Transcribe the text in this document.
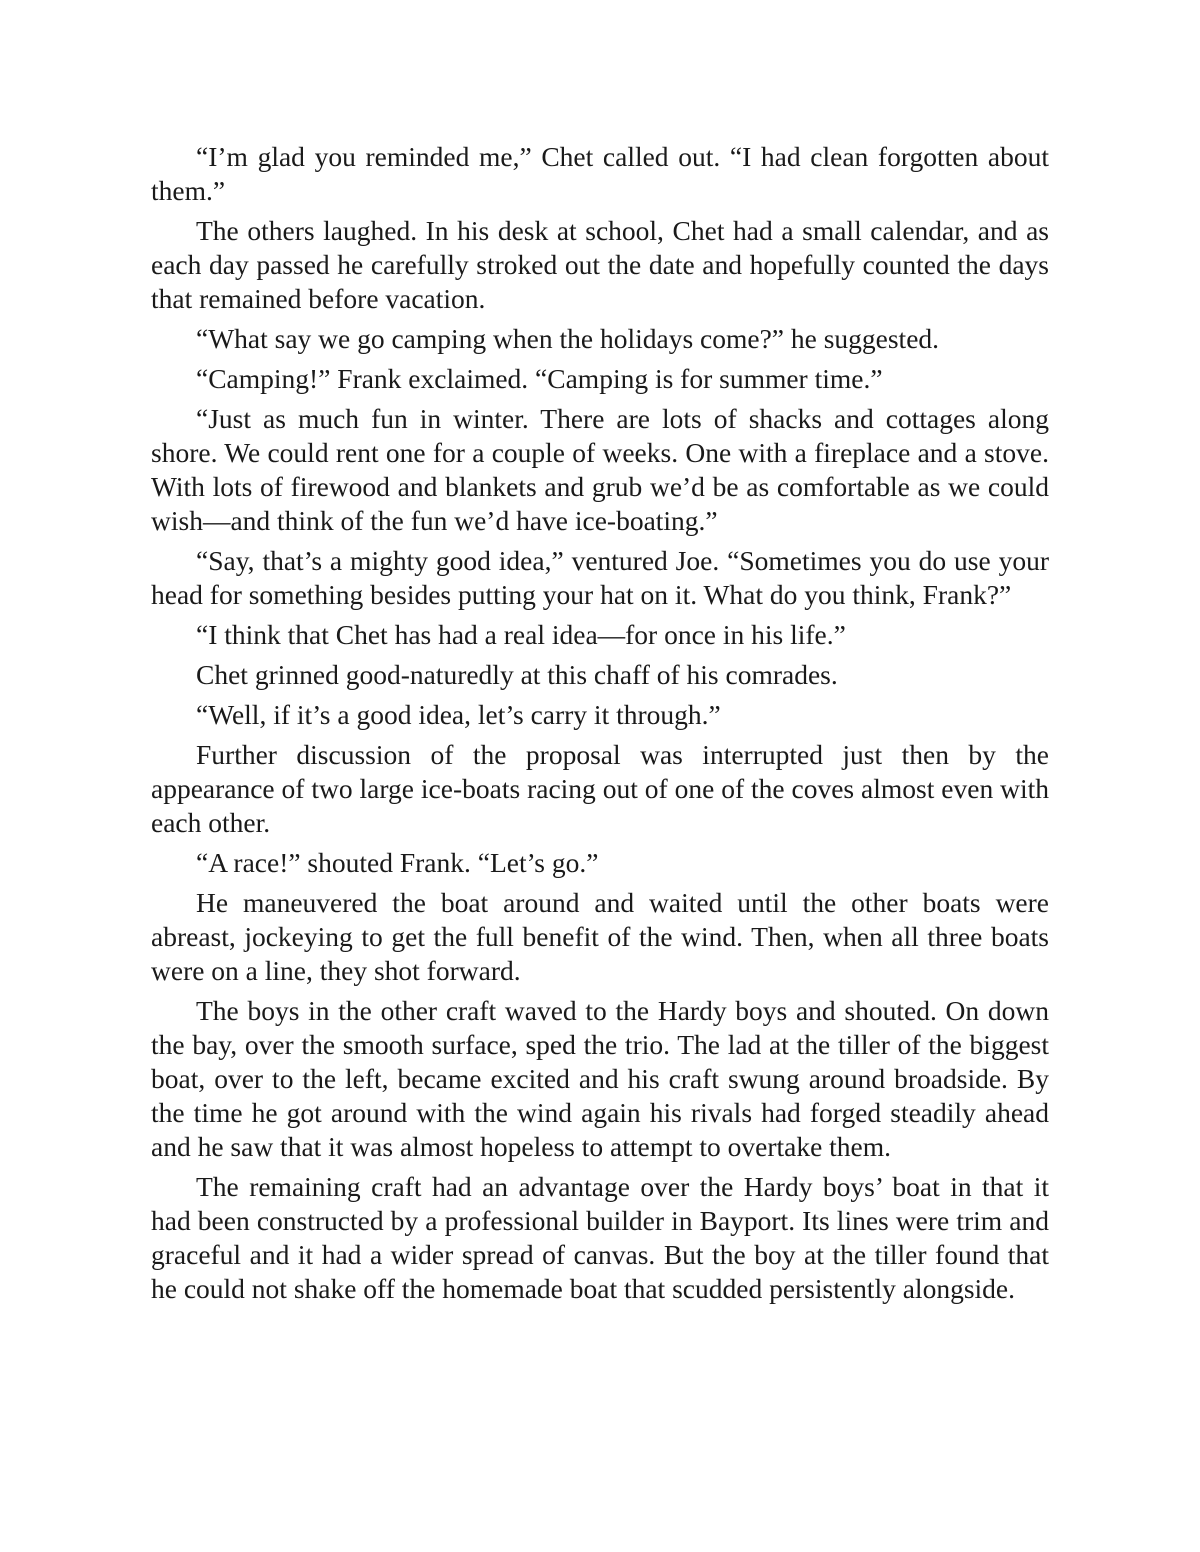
“I’m glad you reminded me,” Chet called out. “I had clean forgotten about them.”

The others laughed. In his desk at school, Chet had a small calendar, and as each day passed he carefully stroked out the date and hopefully counted the days that remained before vacation.

“What say we go camping when the holidays come?” he suggested.

“Camping!” Frank exclaimed. “Camping is for summer time.”

“Just as much fun in winter. There are lots of shacks and cottages along shore. We could rent one for a couple of weeks. One with a fireplace and a stove. With lots of firewood and blankets and grub we’d be as comfortable as we could wish—and think of the fun we’d have ice-boating.”

“Say, that’s a mighty good idea,” ventured Joe. “Sometimes you do use your head for something besides putting your hat on it. What do you think, Frank?”

“I think that Chet has had a real idea—for once in his life.”

Chet grinned good-naturedly at this chaff of his comrades.

“Well, if it’s a good idea, let’s carry it through.”

Further discussion of the proposal was interrupted just then by the appearance of two large ice-boats racing out of one of the coves almost even with each other.

“A race!” shouted Frank. “Let’s go.”

He maneuvered the boat around and waited until the other boats were abreast, jockeying to get the full benefit of the wind. Then, when all three boats were on a line, they shot forward.

The boys in the other craft waved to the Hardy boys and shouted. On down the bay, over the smooth surface, sped the trio. The lad at the tiller of the biggest boat, over to the left, became excited and his craft swung around broadside. By the time he got around with the wind again his rivals had forged steadily ahead and he saw that it was almost hopeless to attempt to overtake them.

The remaining craft had an advantage over the Hardy boys’ boat in that it had been constructed by a professional builder in Bayport. Its lines were trim and graceful and it had a wider spread of canvas. But the boy at the tiller found that he could not shake off the homemade boat that scudded persistently alongside.
